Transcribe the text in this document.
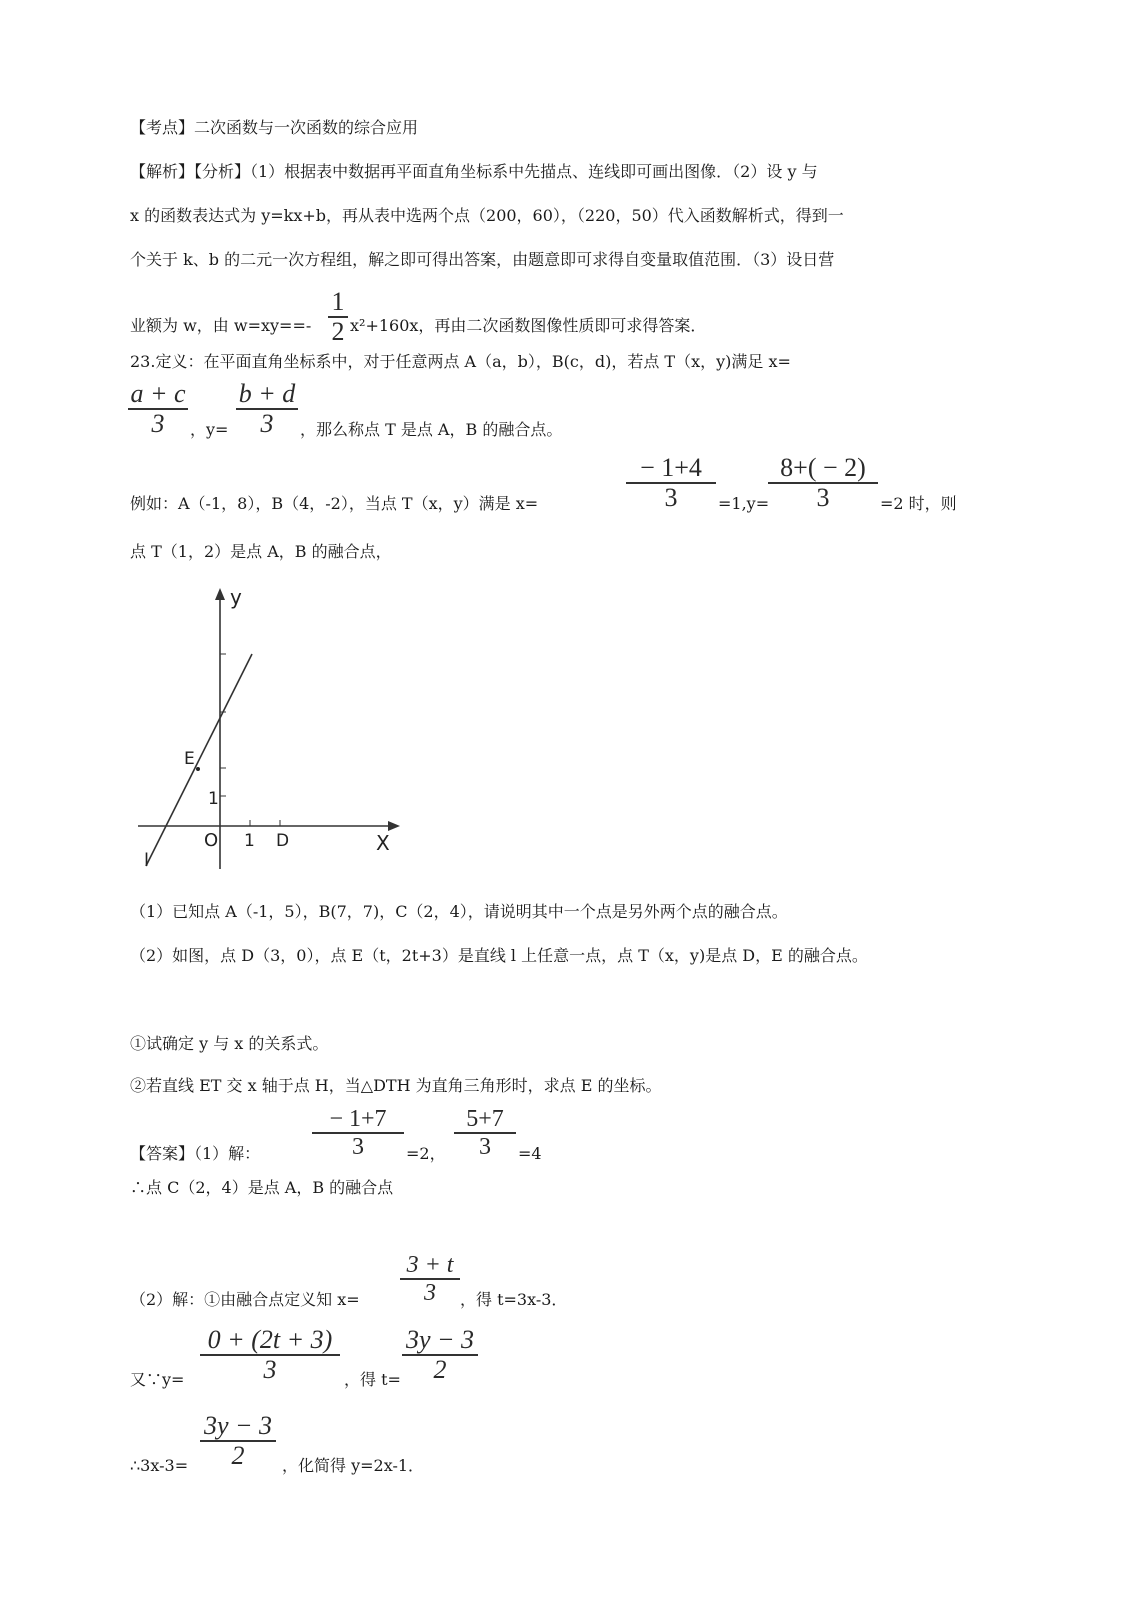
【考点】二次函数与一次函数的综合应用
【解析】【分析】（1）根据表中数据再平面直角坐标系中先描点、连线即可画出图像．（2）设 y 与
x 的函数表达式为 y=kx+b，再从表中选两个点（200，60），（220，50）代入函数解析式，得到一
个关于 k、b 的二元一次方程组，解之即可得出答案，由题意即可求得自变量取值范围．（3）设日营
业额为 w，由 w=xy==-
1
2 x²+160x，再由二次函数图像性质即可求得答案．
23.定义：在平面直角坐标系中，对于任意两点 A（a，b），B(c，d)，若点 T（x，y)满足 x=
a + c
3	，y=
b + d
3	，那么称点 T 是点 A，B 的融合点。
例如：A（-1，8），B（4，-2），当点 T（x，y）满是 x=
− 1+4
3	=1,y=
8+( − 2)
3	=2 时，则
点 T（1，2）是点 A，B 的融合点，
y
X
O 1 D
1
E
l
（1）已知点 A（-1，5），B(7，7)，C（2，4），请说明其中一个点是另外两个点的融合点。
（2）如图，点 D（3，0），点 E（t，2t+3）是直线 l 上任意一点，点 T（x，y)是点 D，E 的融合点。
①试确定 y 与 x 的关系式。
②若直线 ET 交 x 轴于点 H，当△DTH 为直角三角形时，求点 E 的坐标。
【答案】（1）解：
− 1+7
3	=2，
5+7
3	=4
∴点 C（2，4）是点 A，B 的融合点
（2）解：①由融合点定义知 x=
3 + t
3	，得 t=3x-3．
又∵y=
0 + (2t + 3)
3	，得 t=
3y − 3
2
∴3x-3=
3y − 3
2	，化简得 y=2x-1．
